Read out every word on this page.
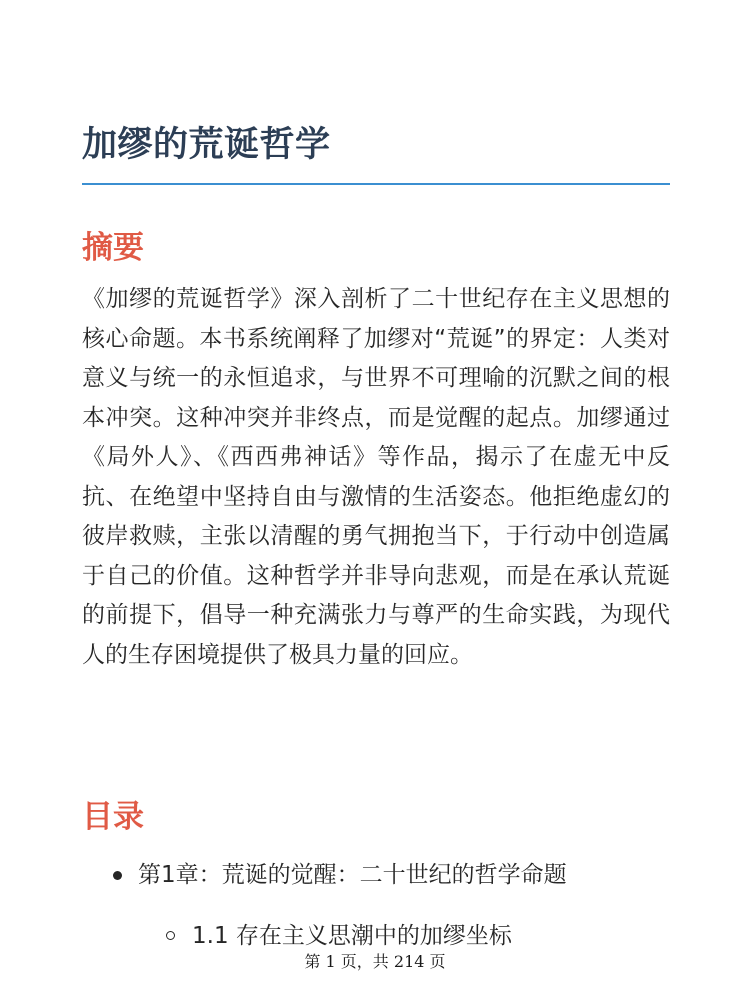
加缪的荒诞哲学
摘要

《加缪的荒诞哲学》深入剖析了二十世纪存在主义思想的核心命题。本书系统阐释了加缪对“荒诞”的界定：人类对意义与统一的永恒追求，与世界不可理喻的沉默之间的根本冲突。这种冲突并非终点，而是觉醒的起点。加缪通过《局外人》、《西西弗神话》等作品，揭示了在虚无中反抗、在绝望中坚持自由与激情的生活姿态。他拒绝虚幻的彼岸救赎，主张以清醒的勇气拥抱当下，于行动中创造属于自己的价值。这种哲学并非导向悲观，而是在承认荒诞的前提下，倡导一种充满张力与尊严的生命实践，为现代人的生存困境提供了极具力量的回应。

目录
第1章：荒诞的觉醒：二十世纪的哲学命题
1.1 存在主义思潮中的加缪坐标
第 1 页，共 214 页
